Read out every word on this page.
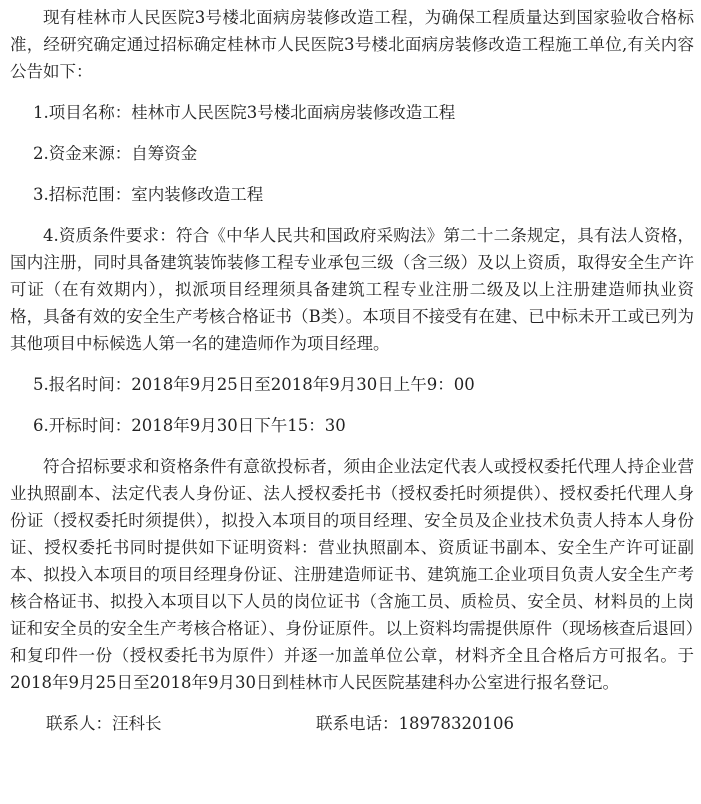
现有桂林市人民医院3号楼北面病房装修改造工程，为确保工程质量达到国家验收合格标准，经研究确定通过招标确定桂林市人民医院3号楼北面病房装修改造工程施工单位,有关内容公告如下：

1.项目名称：桂林市人民医院3号楼北面病房装修改造工程

2.资金来源：自筹资金

3.招标范围：室内装修改造工程

4.资质条件要求：符合《中华人民共和国政府采购法》第二十二条规定，具有法人资格，国内注册，同时具备建筑装饰装修工程专业承包三级（含三级）及以上资质，取得安全生产许可证（在有效期内），拟派项目经理须具备建筑工程专业注册二级及以上注册建造师执业资格，具备有效的安全生产考核合格证书（B类）。本项目不接受有在建、已中标未开工或已列为其他项目中标候选人第一名的建造师作为项目经理。

5.报名时间：2018年9月25日至2018年9月30日上午9：00

6.开标时间：2018年9月30日下午15：30

符合招标要求和资格条件有意欲投标者，须由企业法定代表人或授权委托代理人持企业营业执照副本、法定代表人身份证、法人授权委托书（授权委托时须提供）、授权委托代理人身份证（授权委托时须提供），拟投入本项目的项目经理、安全员及企业技术负责人持本人身份证、授权委托书同时提供如下证明资料：营业执照副本、资质证书副本、安全生产许可证副本、拟投入本项目的项目经理身份证、注册建造师证书、建筑施工企业项目负责人安全生产考核合格证书、拟投入本项目以下人员的岗位证书（含施工员、质检员、安全员、材料员的上岗证和安全员的安全生产考核合格证）、身份证原件。以上资料均需提供原件（现场核查后退回）和复印件一份（授权委托书为原件）并逐一加盖单位公章，材料齐全且合格后方可报名。于2018年9月25日至2018年9月30日到桂林市人民医院基建科办公室进行报名登记。

联系人：汪科长	联系电话：18978320106
